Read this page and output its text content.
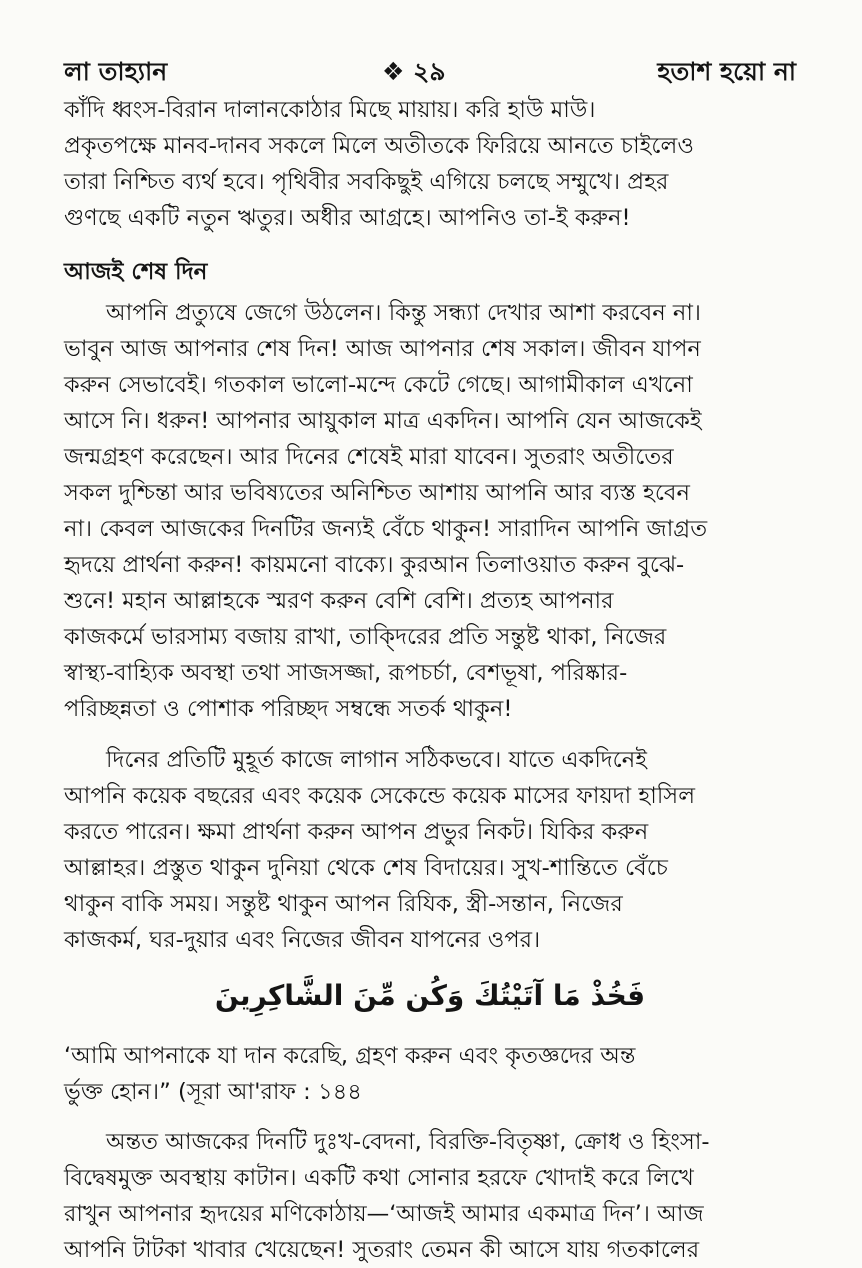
লা তাহ্যান	❖ ২৯	হতাশ হয়ো না
কাঁদি ধ্বংস-বিরান দালানকোঠার মিছে মায়ায়। করি হাউ মাউ।
প্রকৃতপক্ষে মানব-দানব সকলে মিলে অতীতকে ফিরিয়ে আনতে চাইলেও
তারা নিশ্চিত ব্যর্থ হবে। পৃথিবীর সবকিছুই এগিয়ে চলছে সম্মুখে। প্রহর
গুণছে একটি নতুন ঋতুর। অধীর আগ্রহে। আপনিও তা-ই করুন!
আজই শেষ দিন
আপনি প্রত্যুষে জেগে উঠলেন। কিন্তু সন্ধ্যা দেখার আশা করবেন না।
ভাবুন আজ আপনার শেষ দিন! আজ আপনার শেষ সকাল। জীবন যাপন
করুন সেভাবেই। গতকাল ভালো-মন্দে কেটে গেছে। আগামীকাল এখনো
আসে নি। ধরুন! আপনার আয়ুকাল মাত্র একদিন। আপনি যেন আজকেই
জন্মগ্রহণ করেছেন। আর দিনের শেষেই মারা যাবেন। সুতরাং অতীতের
সকল দুশ্চিন্তা আর ভবিষ্যতের অনিশ্চিত আশায় আপনি আর ব্যস্ত হবেন
না। কেবল আজকের দিনটির জন্যই বেঁচে থাকুন! সারাদিন আপনি জাগ্রত
হৃদয়ে প্রার্থনা করুন! কায়মনো বাক্যে। কুরআন তিলাওয়াত করুন বুঝে-
শুনে! মহান আল্লাহকে স্মরণ করুন বেশি বেশি। প্রত্যহ আপনার
কাজকর্মে ভারসাম্য বজায় রাখা, তাক্দিরের প্রতি সন্তুষ্ট থাকা, নিজের
স্বাস্থ্য-বাহ্যিক অবস্থা তথা সাজসজ্জা, রূপচর্চা, বেশভূষা, পরিষ্কার-
পরিচ্ছন্নতা ও পোশাক পরিচ্ছদ সম্বন্ধে সতর্ক থাকুন!
দিনের প্রতিটি মুহূর্ত কাজে লাগান সঠিকভবে। যাতে একদিনেই
আপনি কয়েক বছরের এবং কয়েক সেকেন্ডে কয়েক মাসের ফায়দা হাসিল
করতে পারেন। ক্ষমা প্রার্থনা করুন আপন প্রভুর নিকট। যিকির করুন
আল্লাহর। প্রস্তুত থাকুন দুনিয়া থেকে শেষ বিদায়ের। সুখ-শান্তিতে বেঁচে
থাকুন বাকি সময়। সন্তুষ্ট থাকুন আপন রিযিক, স্ত্রী-সন্তান, নিজের
কাজকর্ম, ঘর-দুয়ার এবং নিজের জীবন যাপনের ওপর।
فَخُذْ مَا آتَيْتُكَ وَكُن مِّنَ الشَّاكِرِينَ
‘আমি আপনাকে যা দান করেছি, গ্রহণ করুন এবং কৃতজ্ঞদের অন্ত
র্ভুক্ত হোন।” (সূরা আ'রাফ : ১৪৪
অন্তত আজকের দিনটি দুঃখ-বেদনা, বিরক্তি-বিতৃষ্ণা, ক্রোধ ও হিংসা-
বিদ্বেষমুক্ত অবস্থায় কাটান। একটি কথা সোনার হরফে খোদাই করে লিখে
রাখুন আপনার হৃদয়ের মণিকোঠায়—‘আজই আমার একমাত্র দিন’। আজ
আপনি টাটকা খাবার খেয়েছেন! সুতরাং তেমন কী আসে যায় গতকালের
